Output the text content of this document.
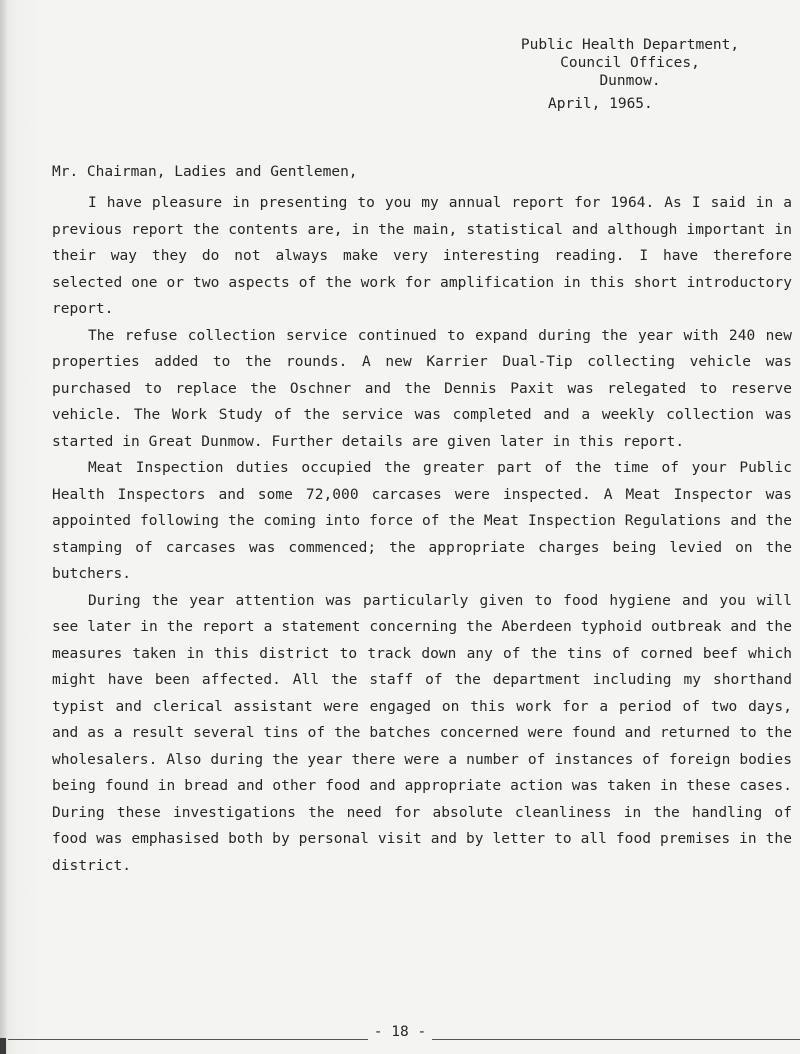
Public Health Department,
Council Offices,
Dunmow.
April, 1965.
Mr. Chairman, Ladies and Gentlemen,

I have pleasure in presenting to you my annual report for 1964. As I said in a previous report the contents are, in the main, statistical and although important in their way they do not always make very interesting reading. I have therefore selected one or two aspects of the work for amplification in this short introductory report.

The refuse collection service continued to expand during the year with 240 new properties added to the rounds. A new Karrier Dual-Tip collecting vehicle was purchased to replace the Oschner and the Dennis Paxit was relegated to reserve vehicle. The Work Study of the service was completed and a weekly collection was started in Great Dunmow. Further details are given later in this report.

Meat Inspection duties occupied the greater part of the time of your Public Health Inspectors and some 72,000 carcases were inspected. A Meat Inspector was appointed following the coming into force of the Meat Inspection Regulations and the stamping of carcases was commenced; the appropriate charges being levied on the butchers.

During the year attention was particularly given to food hygiene and you will see later in the report a statement concerning the Aberdeen typhoid outbreak and the measures taken in this district to track down any of the tins of corned beef which might have been affected. All the staff of the department including my shorthand typist and clerical assistant were engaged on this work for a period of two days, and as a result several tins of the batches concerned were found and returned to the wholesalers. Also during the year there were a number of instances of foreign bodies being found in bread and other food and appropriate action was taken in these cases. During these investigations the need for absolute cleanliness in the handling of food was emphasised both by personal visit and by letter to all food premises in the district.

- 18 -
